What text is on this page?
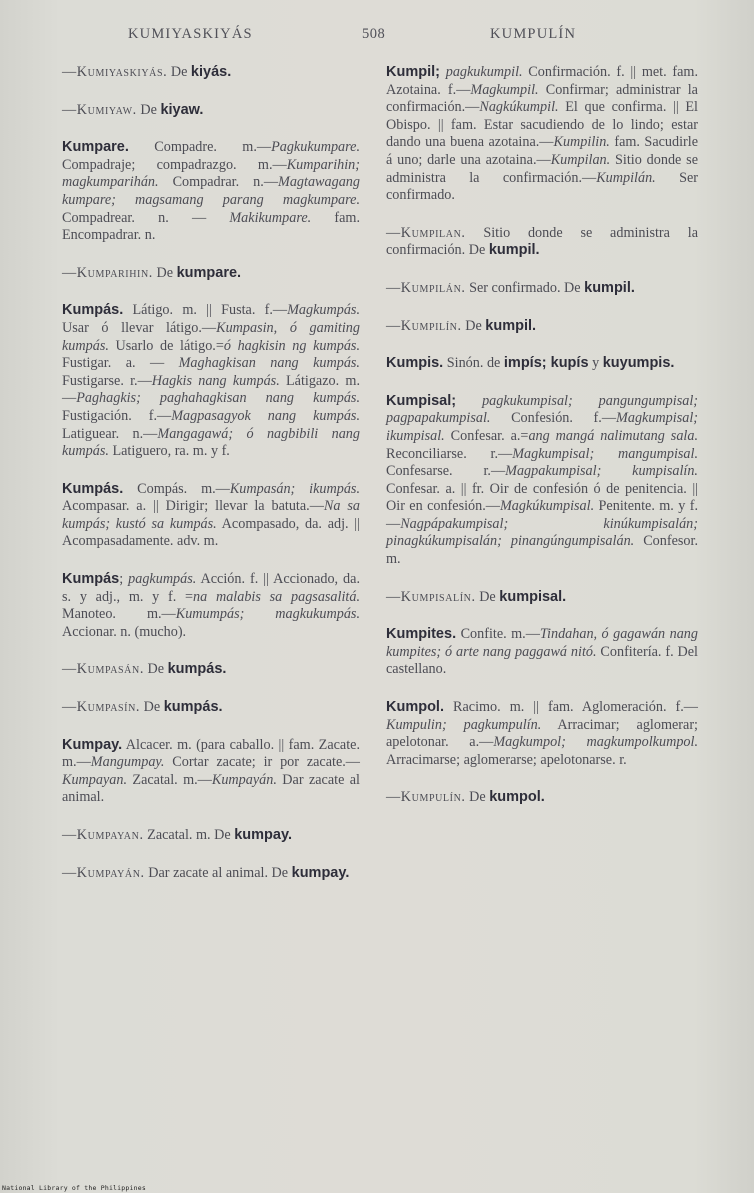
KUMIYASKIYÁS	508	KUMPULÍN

—Kumiyaskiyás. De kiyás.

—Kumiyaw. De kiyaw.

Kumpare. Compadre. m.—Pagkukumpare. Compadraje; compadrazgo. m.—Kumparihin; magkumparihán. Compadrar. n.—Magtawagang kumpare; magsamang parang magkumpare. Compadrear. n. — Makikumpare. fam. Encompadrar. n.

—Kumparihin. De kumpare.

Kumpás. Látigo. m. || Fusta. f.—Magkumpás. Usar ó llevar látigo.—Kumpasin, ó gamiting kumpás. Usarlo de látigo.=ó hagkisin ng kumpás. Fustigar. a. — Maghagkisan nang kumpás. Fustigarse. r.—Hagkis nang kumpás. Látigazo. m.—Paghagkis; paghahagkisan nang kumpás. Fustigación. f.—Magpasagyok nang kumpás. Latiguear. n.—Mangagawá; ó nagbibili nang kumpás. Latiguero, ra. m. y f.

Kumpás. Compás. m.—Kumpasán; ikumpás. Acompasar. a. || Dirigir; llevar la batuta.—Na sa kumpás; kustó sa kumpás. Acompasado, da. adj. || Acompasadamente. adv. m.

Kumpás; pagkumpás. Acción. f. || Accionado, da. s. y adj., m. y f. =na malabis sa pagsasalitá. Manoteo. m.—Kumumpás; magkukumpás. Accionar. n. (mucho).

—Kumpasán. De kumpás.

—Kumpasín. De kumpás.

Kumpay. Alcacer. m. (para caballo. || fam. Zacate. m.—Mangumpay. Cortar zacate; ir por zacate.—Kumpayan. Zacatal. m.—Kumpayán. Dar zacate al animal.

—Kumpayan. Zacatal. m. De kumpay.

—Kumpayán. Dar zacate al animal. De kumpay.

Kumpil; pagkukumpil. Confirmación. f. || met. fam. Azotaina. f.—Magkumpil. Confirmar; administrar la confirmación.—Nagkúkumpil. El que confirma. || El Obispo. || fam. Estar sacudiendo de lo lindo; estar dando una buena azotaina.—Kumpilin. fam. Sacudirle á uno; darle una azotaina.—Kumpilan. Sitio donde se administra la confirmación.—Kumpilán. Ser confirmado.

—Kumpilan. Sitio donde se administra la confirmación. De kumpil.

—Kumpilán. Ser confirmado. De kumpil.

—Kumpilín. De kumpil.

Kumpis. Sinón. de impís; kupís y kuyumpis.

Kumpisal; pagkukumpisal; pangungumpisal; pagpapakumpisal. Confesión. f.—Magkumpisal; ikumpisal. Confesar. a.=ang mangá nalimutang sala. Reconciliarse. r.—Magkumpisal; mangumpisal. Confesarse. r.—Magpakumpisal; kumpisalín. Confesar. a. || fr. Oir de confesión ó de penitencia. || Oir en confesión.—Magkúkumpisal. Penitente. m. y f.—Nagpápakumpisal; kinúkumpisalán; pinagkúkumpisalán; pinangúngumpisalán. Confesor. m.

—Kumpisalín. De kumpisal.

Kumpites. Confite. m.—Tindahan, ó gagawán nang kumpites; ó arte nang paggawá nitó. Confitería. f. Del castellano.

Kumpol. Racimo. m. || fam. Aglomeración. f.—Kumpulin; pagkumpulín. Arracimar; aglomerar; apelotonar. a.—Magkumpol; magkumpolkumpol. Arracimarse; aglomerarse; apelotonarse. r.

—Kumpulín. De kumpol.

National Library of the Philippines
